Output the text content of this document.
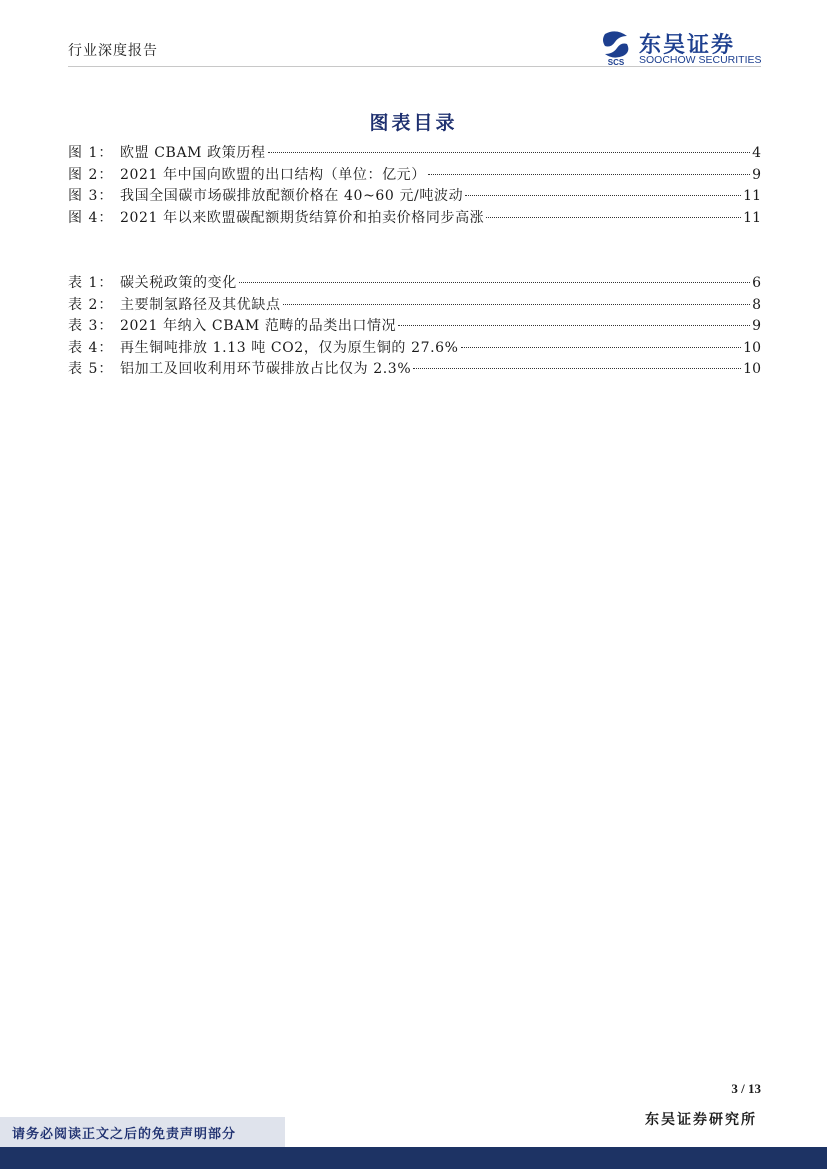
行业深度报告
SCS
东吴证券
SOOCHOW SECURITIES
图表目录
图 1： 欧盟 CBAM 政策历程	4
图 2： 2021 年中国向欧盟的出口结构（单位：亿元）	9
图 3： 我国全国碳市场碳排放配额价格在 40~60 元/吨波动	11
图 4： 2021 年以来欧盟碳配额期货结算价和拍卖价格同步高涨	11
表 1： 碳关税政策的变化	6
表 2： 主要制氢路径及其优缺点	8
表 3： 2021 年纳入 CBAM 范畴的品类出口情况	9
表 4： 再生铜吨排放 1.13 吨 CO2，仅为原生铜的 27.6%	10
表 5： 铝加工及回收利用环节碳排放占比仅为 2.3%	10
3 / 13
东吴证券研究所
请务必阅读正文之后的免责声明部分
